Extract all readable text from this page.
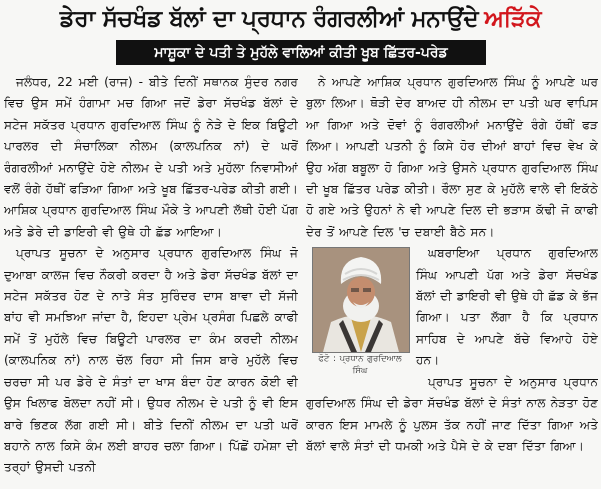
ਡੇਰਾ ਸੱਚਖੰਡ ਬੱਲਾਂ ਦਾ ਪ੍ਰਧਾਨ ਰੰਗਰਲੀਆਂ ਮਨਾਉਂਦੇ ਅੜਿੱਕੇ
ਮਾਸ਼ੂਕਾ ਦੇ ਪਤੀ ਤੇ ਮੁਹੱਲੇ ਵਾਲਿਆਂ ਕੀਤੀ ਖੂਬ ਛਿੱਤਰ-ਪਰੇਡ

ਜਲੰਧਰ, 22 ਮਈ (ਰਾਜ) - ਬੀਤੇ ਦਿਨੀਂ ਸਥਾਨਕ ਸੁੰਦਰ ਨਗਰ ਵਿਚ ਉਸ ਸਮੇਂ ਹੰਗਾਮਾ ਮਚ ਗਿਆ ਜਦੋਂ ਡੇਰਾ ਸੱਚਖੰਡ ਬੱਲਾਂ ਦੇ ਸਟੇਜ ਸਕੱਤਰ ਪ੍ਰਧਾਨ ਗੁਰਦਿਆਲ ਸਿੰਘ ਨੂੰ ਨੇੜੇ ਦੇ ਇਕ ਬਿਊਟੀ ਪਾਰਲਰ ਦੀ ਸੰਚਾਲਿਕਾ ਨੀਲਮ (ਕਾਲਪਨਿਕ ਨਾਂ) ਦੇ ਘਰੋਂ ਰੰਗਰਲੀਆਂ ਮਨਾਉਂਦੇ ਹੋਏ ਨੀਲਮ ਦੇ ਪਤੀ ਅਤੇ ਮੁਹੱਲਾ ਨਿਵਾਸੀਆਂ ਵਲੋਂ ਰੰਗੇ ਹੱਥੀਂ ਫੜਿਆ ਗਿਆ ਅਤੇ ਖੂਬ ਛਿੱਤਰ-ਪਰੇਡ ਕੀਤੀ ਗਈ। ਆਸ਼ਿਕ ਪ੍ਰਧਾਨ ਗੁਰਦਿਆਲ ਸਿੰਘ ਮੌਕੇ ਤੇ ਆਪਣੀ ਲੱਥੀ ਹੋਈ ਪੱਗ ਅਤੇ ਡੇਰੇ ਦੀ ਡਾਇਰੀ ਵੀ ਉਥੇ ਹੀ ਛੱਡ ਆਇਆ।

ਪ੍ਰਾਪਤ ਸੂਚਨਾ ਦੇ ਅਨੁਸਾਰ ਪ੍ਰਧਾਨ ਗੁਰਦਿਆਲ ਸਿੰਘ ਜੋ ਦੁਆਬਾ ਕਾਲਜ ਵਿਚ ਨੌਕਰੀ ਕਰਦਾ ਹੈ ਅਤੇ ਡੇਰਾ ਸੱਚਖੰਡ ਬੱਲਾਂ ਦਾ ਸਟੇਜ ਸਕੱਤਰ ਹੋਣ ਦੇ ਨਾਤੇ ਸੰਤ ਸੁਰਿੰਦਰ ਦਾਸ ਬਾਵਾ ਦੀ ਸੱਜੀ ਬਾਂਹ ਵੀ ਸਮਝਿਆ ਜਾਂਦਾ ਹੈ, ਇਹਦਾ ਪ੍ਰੇਮ ਪ੍ਰਸੰਗ ਪਿਛਲੇ ਕਾਫੀ ਸਮੇਂ ਤੋਂ ਮੁਹੱਲੇ ਵਿਚ ਬਿਊਟੀ ਪਾਰਲਰ ਦਾ ਕੰਮ ਕਰਦੀ ਨੀਲਮ (ਕਾਲਪਨਿਕ ਨਾਂ) ਨਾਲ ਚੱਲ ਰਿਹਾ ਸੀ ਜਿਸ ਬਾਰੇ ਮੁਹੱਲੇ ਵਿਚ ਚਰਚਾ ਸੀ ਪਰ ਡੇਰੇ ਦੇ ਸੰਤਾਂ ਦਾ ਖਾਸ ਬੰਦਾ ਹੋਣ ਕਾਰਨ ਕੋਈ ਵੀ ਉਸ ਖਿਲਾਫ ਬੋਲਦਾ ਨਹੀਂ ਸੀ। ਉਧਰ ਨੀਲਮ ਦੇ ਪਤੀ ਨੂੰ ਵੀ ਇਸ ਬਾਰੇ ਭਿਣਕ ਲੱਗ ਗਈ ਸੀ। ਬੀਤੇ ਦਿਨੀਂ ਨੀਲਮ ਦਾ ਪਤੀ ਘਰੋਂ ਬਹਾਨੇ ਨਾਲ ਕਿਸੇ ਕੰਮ ਲਈ ਬਾਹਰ ਚਲਾ ਗਿਆ। ਪਿੱਛੋਂ ਹਮੇਸ਼ਾ ਦੀ ਤਰ੍ਹਾਂ ਉਸਦੀ ਪਤਨੀ

ਨੇ ਆਪਣੇ ਆਸ਼ਿਕ ਪ੍ਰਧਾਨ ਗੁਰਦਿਆਲ ਸਿੰਘ ਨੂੰ ਆਪਣੇ ਘਰ ਬੁਲਾ ਲਿਆ। ਥੋੜੀ ਦੇਰ ਬਾਅਦ ਹੀ ਨੀਲਮ ਦਾ ਪਤੀ ਘਰ ਵਾਪਿਸ ਆ ਗਿਆ ਅਤੇ ਦੋਵਾਂ ਨੂੰ ਰੰਗਰਲੀਆਂ ਮਨਾਉਂਦੇ ਰੰਗੇ ਹੱਥੀਂ ਫੜ ਲਿਆ। ਆਪਣੀ ਪਤਨੀ ਨੂੰ ਕਿਸੇ ਹੋਰ ਦੀਆਂ ਬਾਹਾਂ ਵਿਚ ਵੇਖ ਕੇ ਉਹ ਅੱਗ ਬਬੂਲਾ ਹੋ ਗਿਆ ਅਤੇ ਉਸਨੇ ਪ੍ਰਧਾਨ ਗੁਰਦਿਆਲ ਸਿੰਘ ਦੀ ਖੂਬ ਛਿੱਤਰ ਪਰੇਡ ਕੀਤੀ। ਰੌਲਾ ਸੁਣ ਕੇ ਮੁਹੱਲੇ ਵਾਲੇ ਵੀ ਇਕੱਠੇ ਹੋ ਗਏ ਅਤੇ ਉਹਨਾਂ ਨੇ ਵੀ ਆਪਣੇ ਦਿਲ ਦੀ ਭੜਾਸ ਕੱਢੀ ਜੋ ਕਾਫੀ ਦੇਰ ਤੋਂ ਆਪਣੇ ਦਿਲ 'ਚ ਦਬਾਈ ਬੈਠੇ ਸਨ।

ਫੋਟੋ : ਪ੍ਰਧਾਨ ਗੁਰਦਿਆਲ ਸਿੰਘ

ਘਬਰਾਇਆ ਪ੍ਰਧਾਨ ਗੁਰਦਿਆਲ ਸਿੰਘ ਆਪਣੀ ਪੱਗ ਅਤੇ ਡੇਰਾ ਸੱਚਖੰਡ ਬੱਲਾਂ ਦੀ ਡਾਇਰੀ ਵੀ ਉਥੇ ਹੀ ਛੱਡ ਕੇ ਭੱਜ ਗਿਆ। ਪਤਾ ਲੱਗਾ ਹੈ ਕਿ ਪ੍ਰਧਾਨ ਸਾਹਿਬ ਦੇ ਆਪਣੇ ਬੱਚੇ ਵਿਆਹੇ ਹੋਏ ਹਨ।

ਪ੍ਰਾਪਤ ਸੂਚਨਾ ਦੇ ਅਨੁਸਾਰ ਪ੍ਰਧਾਨ ਗੁਰਦਿਆਲ ਸਿੰਘ ਦੀ ਡੇਰਾ ਸੱਚਖੰਡ ਬੱਲਾਂ ਦੇ ਸੰਤਾਂ ਨਾਲ ਨੇੜਤਾ ਹੋਣ ਕਾਰਨ ਇਸ ਮਾਮਲੇ ਨੂੰ ਪੁਲਸ ਤੱਕ ਨਹੀਂ ਜਾਣ ਦਿੱਤਾ ਗਿਆ ਅਤੇ ਬੱਲਾਂ ਵਾਲੇ ਸੰਤਾਂ ਦੀ ਧਮਕੀ ਅਤੇ ਪੈਸੇ ਦੇ ਕੇ ਦਬਾ ਦਿੱਤਾ ਗਿਆ।
